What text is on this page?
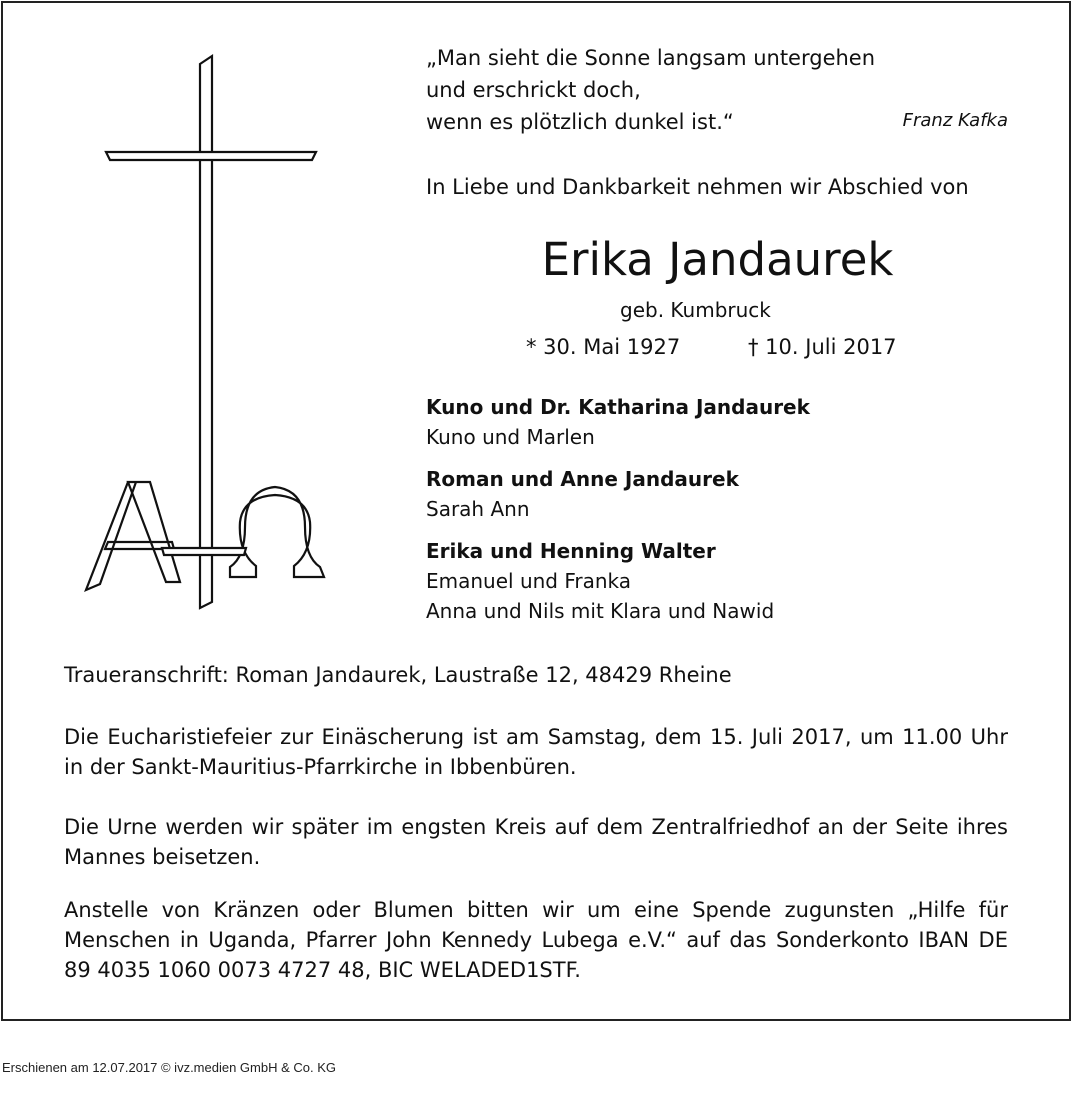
„Man sieht die Sonne langsam untergehen
und erschrickt doch,
wenn es plötzlich dunkel ist.“	Franz Kafka
In Liebe und Dankbarkeit nehmen wir Abschied von
Erika Jandaurek
geb. Kumbruck
* 30. Mai 1927	† 10. Juli 2017
Kuno und Dr. Katharina Jandaurek
Kuno und Marlen
Roman und Anne Jandaurek
Sarah Ann
Erika und Henning Walter
Emanuel und Franka
Anna und Nils mit Klara und Nawid
Traueranschrift: Roman Jandaurek, Laustraße 12, 48429 Rheine
Die Eucharistiefeier zur Einäscherung ist am Samstag, dem 15. Juli 2017, um 11.00 Uhr in der Sankt-Mauritius-Pfarrkirche in Ibbenbüren.
Die Urne werden wir später im engsten Kreis auf dem Zentralfriedhof an der Seite ihres Mannes beisetzen.
Anstelle von Kränzen oder Blumen bitten wir um eine Spende zugunsten „Hilfe für Menschen in Uganda, Pfarrer John Kennedy Lubega e.V.“ auf das Sonderkonto IBAN DE 89 4035 1060 0073 4727 48, BIC WELADED1STF.
Erschienen am 12.07.2017 © ivz.medien GmbH & Co. KG
